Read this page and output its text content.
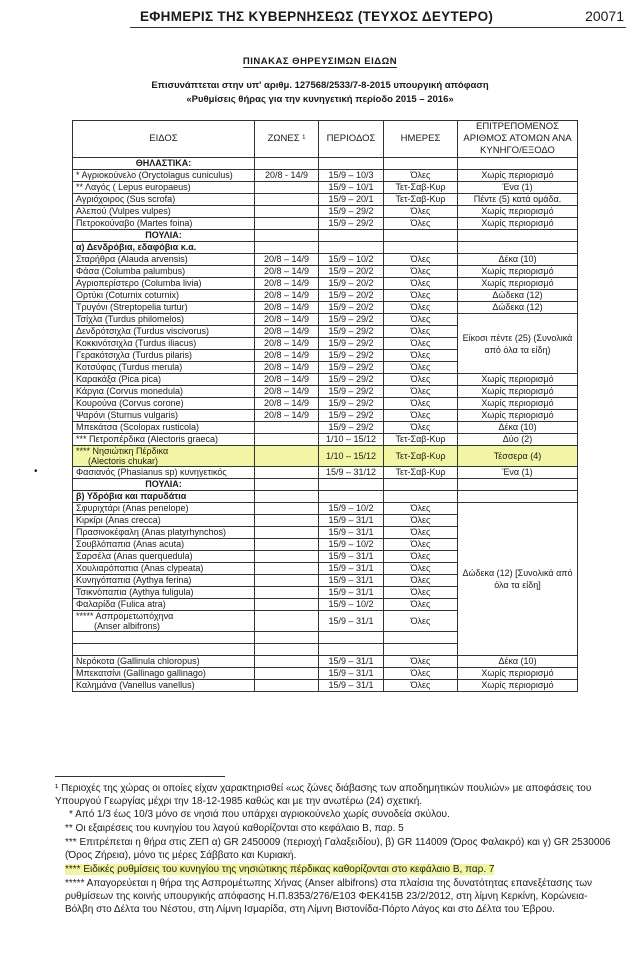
ΕΦΗΜΕΡΙΣ ΤΗΣ ΚΥΒΕΡΝΗΣΕΩΣ (ΤΕΥΧΟΣ ΔΕΥΤΕΡΟ)	20071
ΠΙΝΑΚΑΣ ΘΗΡΕΥΣΙΜΩΝ ΕΙΔΩΝ
Επισυνάπτεται στην υπ' αριθμ. 127568/2533/7-8-2015 υπουργική απόφαση
«Ρυθμίσεις θήρας για την κυνηγετική περίοδο 2015 – 2016»
•
ΕΙΔΟΣ	ΖΩΝΕΣ ¹	ΠΕΡΙΟΔΟΣ	ΗΜΕΡΕΣ	ΕΠΙΤΡΕΠΟΜΕΝΟΣ ΑΡΙΘΜΟΣ ΑΤΟΜΩΝ ΑΝΑ ΚΥΝΗΓΟ/ΕΞΟΔΟ
ΘΗΛΑΣΤΙΚΑ:				
* Αγριοκούνελο (Oryctolagus cuniculus)	20/8 - 14/9	15/9 – 10/3	Όλες	Χωρίς περιορισμό
** Λαγός ( Lepus europaeus)		15/9 – 10/1	Τετ-Σαβ-Κυρ	Ένα (1)
Αγριόχοιρος (Sus scrofa)		15/9 – 20/1	Τετ-Σαβ-Κυρ	Πέντε (5) κατά ομάδα.
Αλεπού (Vulpes vulpes)		15/9 – 29/2	Όλες	Χωρίς περιορισμό
Πετροκούναβο (Martes foina)		15/9 – 29/2	Όλες	Χωρίς περιορισμό
ΠΟΥΛΙΑ:				
α) Δενδρόβια, εδαφόβια κ.α.				
Σταρήθρα (Alauda arvensis)	20/8 – 14/9	15/9 – 10/2	Όλες	Δέκα (10)
Φάσα (Columba palumbus)	20/8 – 14/9	15/9 – 20/2	Όλες	Χωρίς περιορισμό
Αγριοπερίστερο (Columba livia)	20/8 – 14/9	15/9 – 20/2	Όλες	Χωρίς περιορισμό
Ορτύκι (Coturnix coturnix)	20/8 – 14/9	15/9 – 20/2	Όλες	Δώδεκα (12)
Τρυγόνι (Streptopelia turtur)	20/8 – 14/9	15/9 – 20/2	Όλες	Δώδεκα (12)
Τσίχλα (Turdus philomelos)	20/8 – 14/9	15/9 – 29/2	Όλες	Είκοσι πέντε (25) (Συνολικά από όλα τα είδη)
Δενδρότσιχλα (Turdus viscivorus)	20/8 – 14/9	15/9 – 29/2	Όλες	
Κοκκινότσιχλα (Turdus iliacus)	20/8 – 14/9	15/9 – 29/2	Όλες	
Γερακότσιχλα (Turdus pilaris)	20/8 – 14/9	15/9 – 29/2	Όλες	
Κοτσύφας (Turdus merula)	20/8 – 14/9	15/9 – 29/2	Όλες	
Καρακάξα (Pica pica)	20/8 – 14/9	15/9 – 29/2	Όλες	Χωρίς περιορισμό
Κάργια (Corvus monedula)	20/8 – 14/9	15/9 – 29/2	Όλες	Χωρίς περιορισμό
Κουρούνα (Corvus corone)	20/8 – 14/9	15/9 – 29/2	Όλες	Χωρίς περιορισμό
Ψαρόνι (Sturnus vulgaris)	20/8 – 14/9	15/9 – 29/2	Όλες	Χωρίς περιορισμό
Μπεκάτσα (Scolopax rusticola)		15/9 – 29/2	Όλες	Δέκα (10)
*** Πετροπέρδικα (Alectoris graeca)		1/10 – 15/12	Τετ-Σαβ-Κυρ	Δύο (2)
**** Νησιώτικη Πέρδικα
(Alectoris chukar)		1/10 – 15/12	Τετ-Σαβ-Κυρ	Τέσσερα (4)
Φασιανός (Phasianus sp) κυνηγετικός		15/9 – 31/12	Τετ-Σαβ-Κυρ	Ένα (1)
ΠΟΥΛΙΑ:				
β) Υδρόβια και παρυδάτια				
Σφυριχτάρι (Anas penelope)		15/9 – 10/2	Όλες	Δώδεκα (12) [Συνολικά από όλα τα είδη]
Κιρκίρι (Anas crecca)		15/9 – 31/1	Όλες	
Πρασινοκέφαλη (Anas platyrhynchos)		15/9 – 31/1	Όλες	
Σουβλόπαπια (Anas acuta)		15/9 – 10/2	Όλες	
Σαρσέλα (Anas querquedula)		15/9 – 31/1	Όλες	
Χουλιαρόπαπια (Anas clypeata)		15/9 – 31/1	Όλες	
Κυνηγόπαπια (Aythya ferina)		15/9 – 31/1	Όλες	
Τσικνόπαπια (Aythya fuligula)		15/9 – 31/1	Όλες	
Φαλαρίδα (Fulica atra)		15/9 – 10/2	Όλες	
***** Ασπρομετωπόχηνα
(Anser albifrons)		15/9 – 31/1	Όλες	

Νερόκοτα (Gallinula chloropus)		15/9 – 31/1	Όλες	Δέκα (10)
Μπεκατσίνι (Gallinago gallinago)		15/9 – 31/1	Όλες	Χωρίς περιορισμό
Καλημάνα (Vanellus vanellus)		15/9 – 31/1	Όλες	Χωρίς περιορισμό
¹ Περιοχές της χώρας οι οποίες είχαν χαρακτηρισθεί «ως ζώνες διάβασης των αποδημητικών πουλιών» με αποφάσεις του Υπουργού Γεωργίας μέχρι την 18-12-1985 καθώς και με την ανωτέρω (24) σχετική.
* Από 1/3 έως 10/3 μόνο σε νησιά που υπάρχει αγριοκούνελο χωρίς συνοδεία σκύλου.
** Οι εξαιρέσεις του κυνηγίου του λαγού καθορίζονται στο κεφάλαιο Β, παρ. 5
*** Επιτρέπεται η θήρα στις ΖΕΠ α) GR 2450009 (περιοχή Γαλαξειδίου), β) GR 114009 (Όρος Φαλακρό) και γ) GR 2530006 (Όρος Ζήρεια), μόνο τις μέρες Σάββατο και Κυριακή.
**** Ειδικές ρυθμίσεις του κυνηγίου της νησιώτικης πέρδικας καθορίζονται στο κεφάλαιο Β, παρ. 7
***** Απαγορεύεται η θήρα της Ασπρομέτωπης Χήνας (Anser albifrons) στα πλαίσια της δυνατότητας επανεξέτασης των ρυθμίσεων της κοινής υπουργικής απόφασης Η.Π.8353/276/Ε103 ΦΕΚ415Β 23/2/2012, στη λίμνη Κερκίνη, Κορώνεια-Βόλβη στο Δέλτα του Νέστου, στη Λίμνη Ισμαρίδα, στη Λίμνη Βιστονίδα-Πόρτο Λάγος και στο Δέλτα του Έβρου.
